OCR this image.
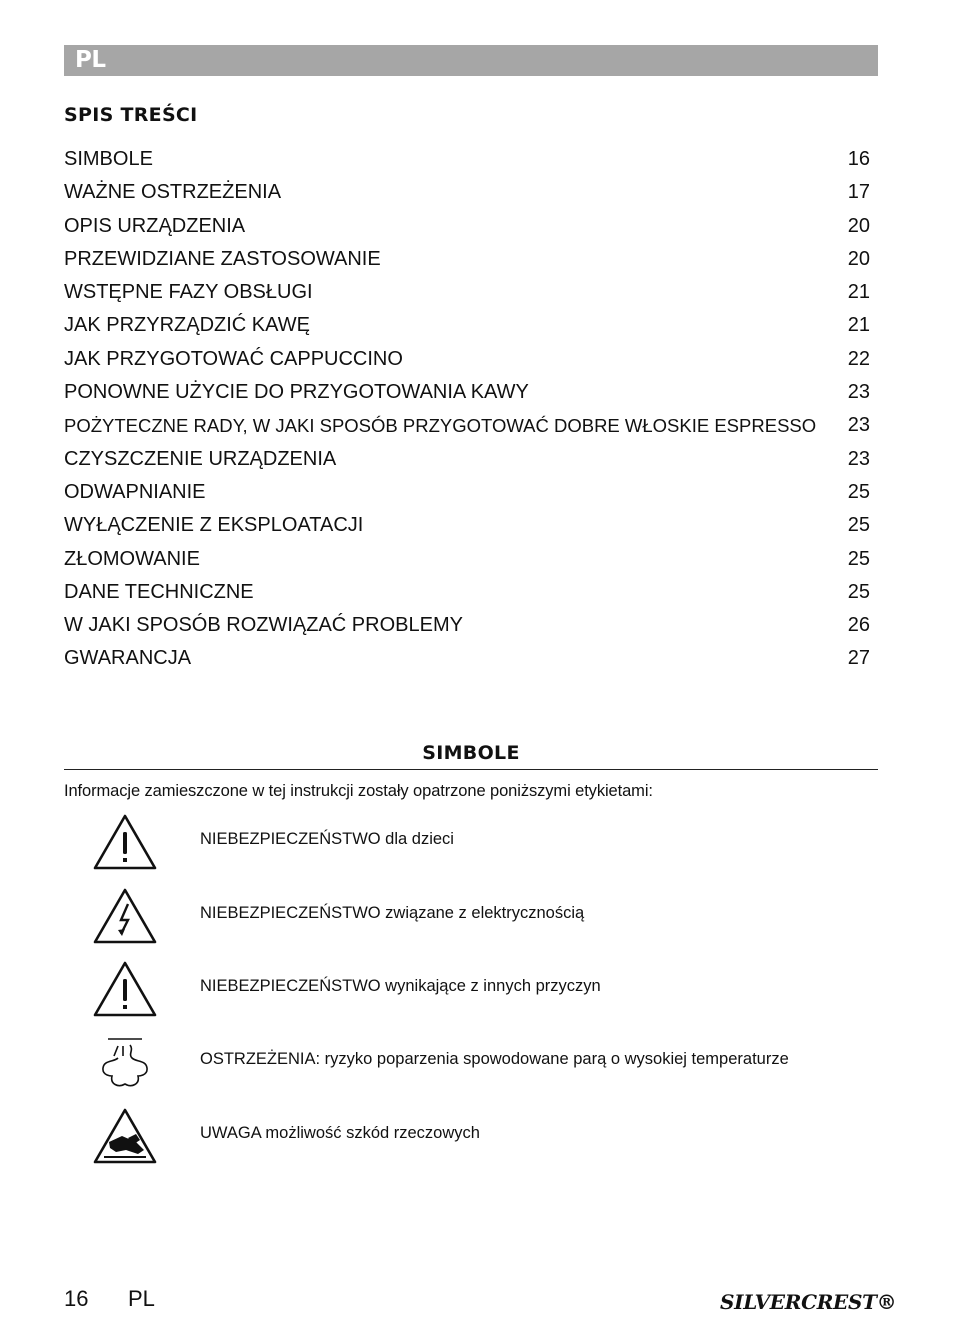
PL
SPIS TREŚCI
SIMBOLE	16
WAŻNE OSTRZEŻENIA	17
OPIS URZĄDZENIA	20
PRZEWIDZIANE ZASTOSOWANIE	20
WSTĘPNE FAZY OBSŁUGI	21
JAK PRZYRZĄDZIĆ KAWĘ	21
JAK PRZYGOTOWAĆ CAPPUCCINO	22
PONOWNE UŻYCIE DO PRZYGOTOWANIA KAWY	23
POŻYTECZNE RADY, W JAKI SPOSÓB PRZYGOTOWAĆ DOBRE WŁOSKIE ESPRESSO 23
CZYSZCZENIE URZĄDZENIA	23
ODWAPNIANIE	25
WYŁĄCZENIE Z EKSPLOATACJI	25
ZŁOMOWANIE	25
DANE TECHNICZNE	25
W JAKI SPOSÓB ROZWIĄZAĆ PROBLEMY	26
GWARANCJA	27
SIMBOLE
Informacje zamieszczone w tej instrukcji zostały opatrzone poniższymi etykietami:
NIEBEZPIECZEŃSTWO dla dzieci
NIEBEZPIECZEŃSTWO związane z elektrycznością
NIEBEZPIECZEŃSTWO wynikające z innych przyczyn
OSTRZEŻENIA: ryzyko poparzenia spowodowane parą o wysokiej temperaturze
UWAGA możliwość szkód rzeczowych
16 PL	SILVERCREST®
